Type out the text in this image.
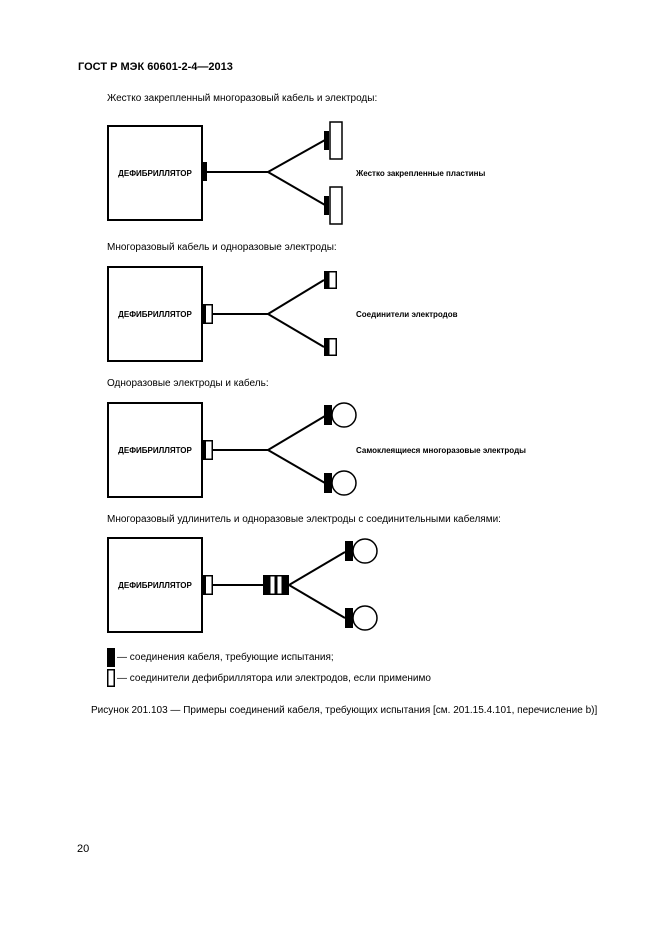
ГОСТ Р МЭК 60601-2-4—2013
Жестко закрепленный многоразовый кабель и электроды:
Многоразовый кабель и одноразовые электроды:
Одноразовые электроды и кабель:
Многоразовый удлинитель и одноразовые электроды с соединительными кабелями:
ДЕФИБРИЛЛЯТОР
ДЕФИБРИЛЛЯТОР
ДЕФИБРИЛЛЯТОР
ДЕФИБРИЛЛЯТОР
Жестко закрепленные пластины
Соединители электродов
Самоклеящиеся многоразовые электроды
— соединения кабеля, требующие испытания;
— соединители дефибриллятора или электродов, если применимо
Рисунок 201.103 — Примеры соединений кабеля, требующих испытания [см. 201.15.4.101, перечисление b)]
20
